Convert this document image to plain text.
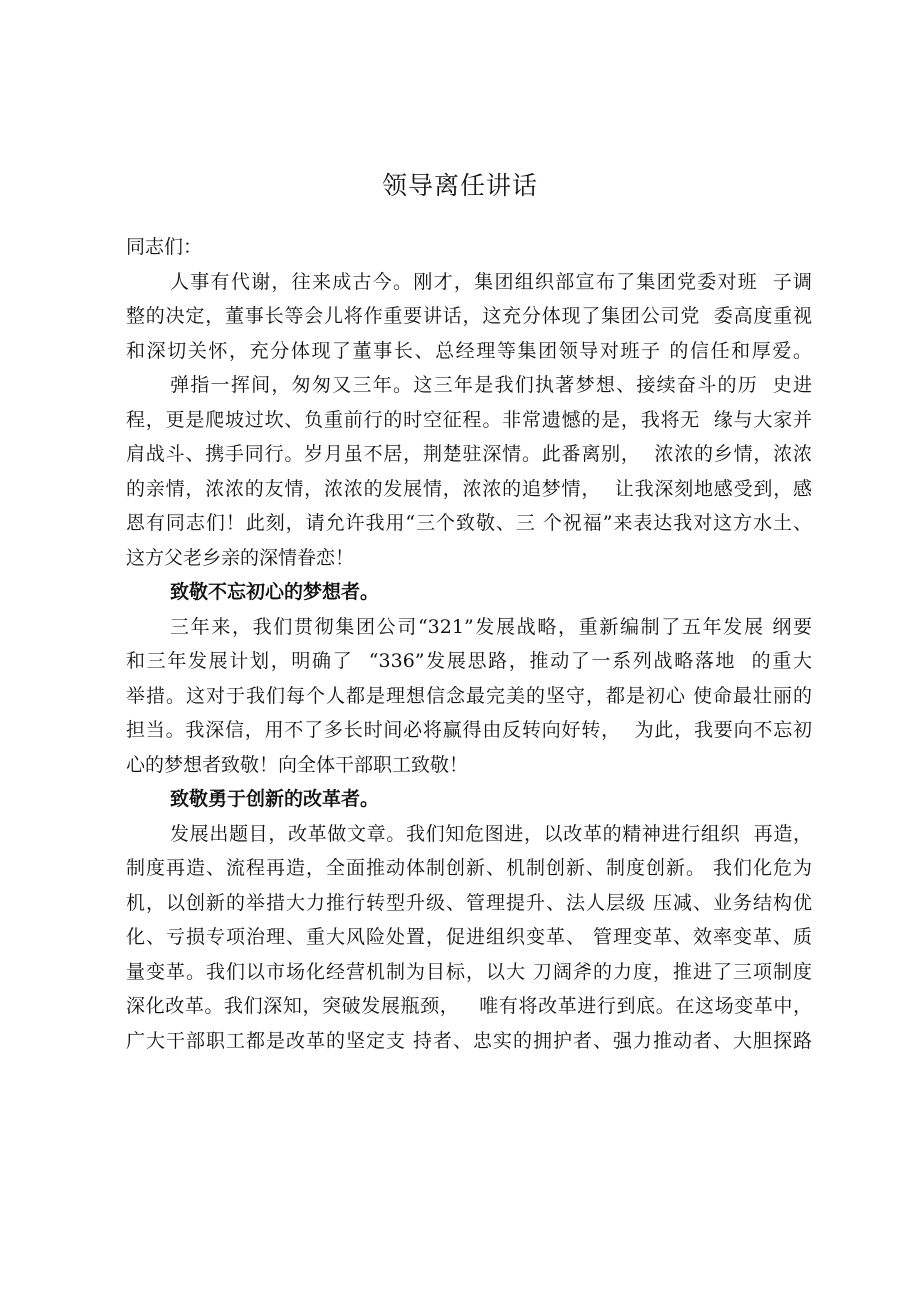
领导离任讲话
同志们：
人事有代谢，往来成古今。刚才，集团组织部宣布了集团党委对班  子调
整的决定，董事长等会儿将作重要讲话，这充分体现了集团公司党  委高度重视
和深切关怀，充分体现了董事长、总经理等集团领导对班子 的信任和厚爱。
弹指一挥间，匆匆又三年。这三年是我们执著梦想、接续奋斗的历  史进
程，更是爬坡过坎、负重前行的时空征程。非常遗憾的是，我将无  缘与大家并
肩战斗、携手同行。岁月虽不居，荆楚驻深情。此番离别，  浓浓的乡情，浓浓
的亲情，浓浓的友情，浓浓的发展情，浓浓的追梦情，  让我深刻地感受到，感
恩有同志们！此刻，请允许我用“三个致敬、三 个祝福”来表达我对这方水土、
这方父老乡亲的深情眷恋！
致敬不忘初心的梦想者。
三年来，我们贯彻集团公司“321”发展战略，重新编制了五年发展 纲要
和三年发展计划，明确了  “336”发展思路，推动了一系列战略落地  的重大
举措。这对于我们每个人都是理想信念最完美的坚守，都是初心 使命最壮丽的
担当。我深信，用不了多长时间必将赢得由反转向好转，  为此，我要向不忘初
心的梦想者致敬！向全体干部职工致敬！
致敬勇于创新的改革者。
发展出题目，改革做文章。我们知危图进，以改革的精神进行组织  再造，
制度再造、流程再造，全面推动体制创新、机制创新、制度创新。 我们化危为
机，以创新的举措大力推行转型升级、管理提升、法人层级 压减、业务结构优
化、亏损专项治理、重大风险处置，促进组织变革、 管理变革、效率变革、质
量变革。我们以市场化经营机制为目标，以大 刀阔斧的力度，推进了三项制度
深化改革。我们深知，突破发展瓶颈，   唯有将改革进行到底。在这场变革中，
广大干部职工都是改革的坚定支 持者、忠实的拥护者、强力推动者、大胆探路
